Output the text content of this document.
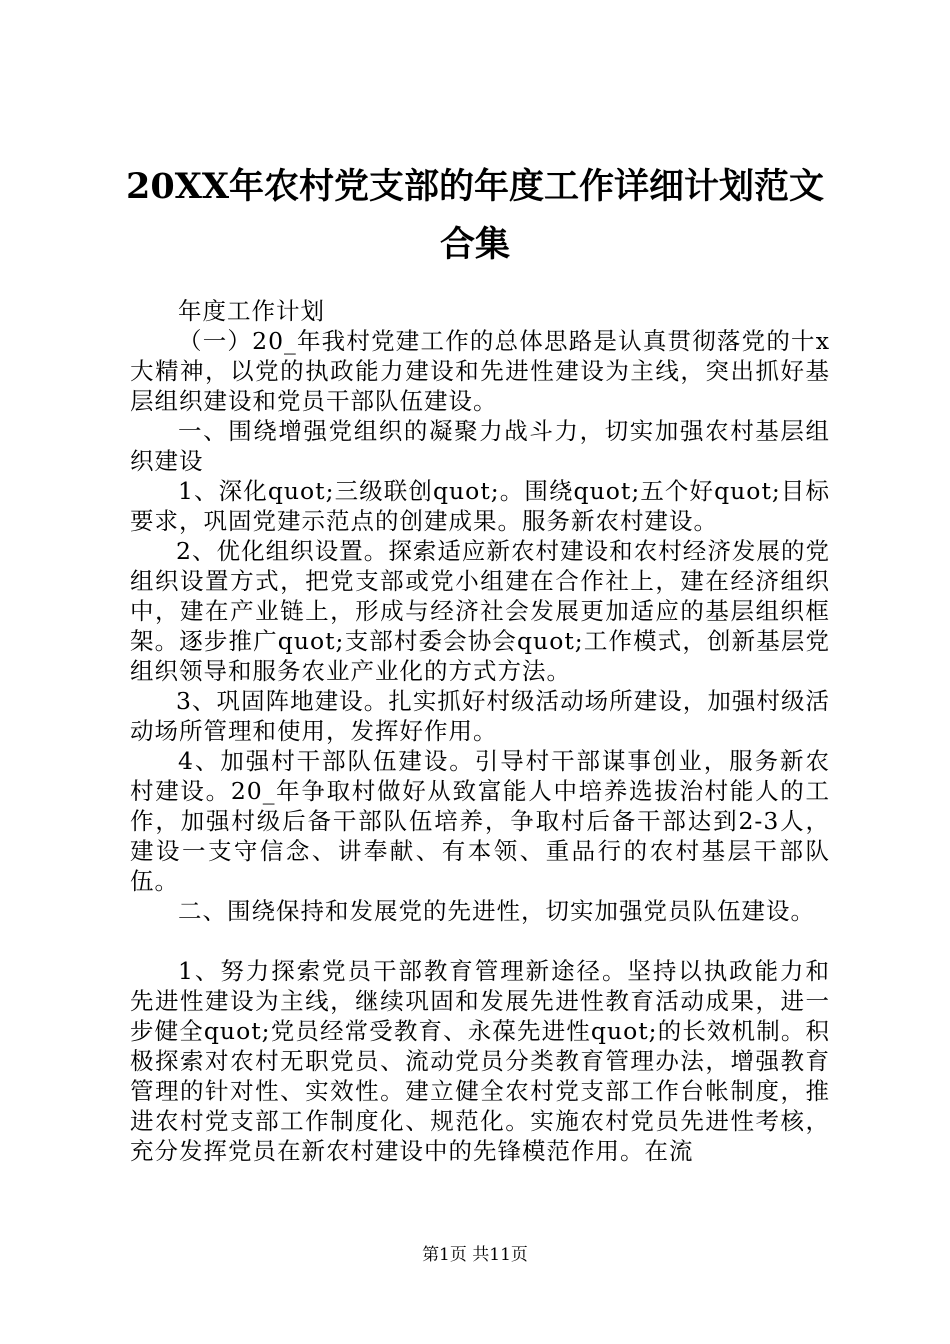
20XX年农村党支部的年度工作详细计划范文
合集

年度工作计划

（一）20_年我村党建工作的总体思路是认真贯彻落党的十x大精神，以党的执政能力建设和先进性建设为主线，突出抓好基层组织建设和党员干部队伍建设。

一、围绕增强党组织的凝聚力战斗力，切实加强农村基层组织建设

1、深化quot;三级联创quot;。围绕quot;五个好quot;目标要求，巩固党建示范点的创建成果。服务新农村建设。

2、优化组织设置。探索适应新农村建设和农村经济发展的党组织设置方式，把党支部或党小组建在合作社上，建在经济组织中，建在产业链上，形成与经济社会发展更加适应的基层组织框架。逐步推广quot;支部村委会协会quot;工作模式，创新基层党组织领导和服务农业产业化的方式方法。

3、巩固阵地建设。扎实抓好村级活动场所建设，加强村级活动场所管理和使用，发挥好作用。

4、加强村干部队伍建设。引导村干部谋事创业，服务新农村建设。20_年争取村做好从致富能人中培养选拔治村能人的工作，加强村级后备干部队伍培养，争取村后备干部达到2-3人，建设一支守信念、讲奉献、有本领、重品行的农村基层干部队伍。

二、围绕保持和发展党的先进性，切实加强党员队伍建设。

1、努力探索党员干部教育管理新途径。坚持以执政能力和先进性建设为主线，继续巩固和发展先进性教育活动成果，进一步健全quot;党员经常受教育、永葆先进性quot;的长效机制。积极探索对农村无职党员、流动党员分类教育管理办法，增强教育管理的针对性、实效性。建立健全农村党支部工作台帐制度，推进农村党支部工作制度化、规范化。实施农村党员先进性考核，充分发挥党员在新农村建设中的先锋模范作用。在流

第1页 共11页
